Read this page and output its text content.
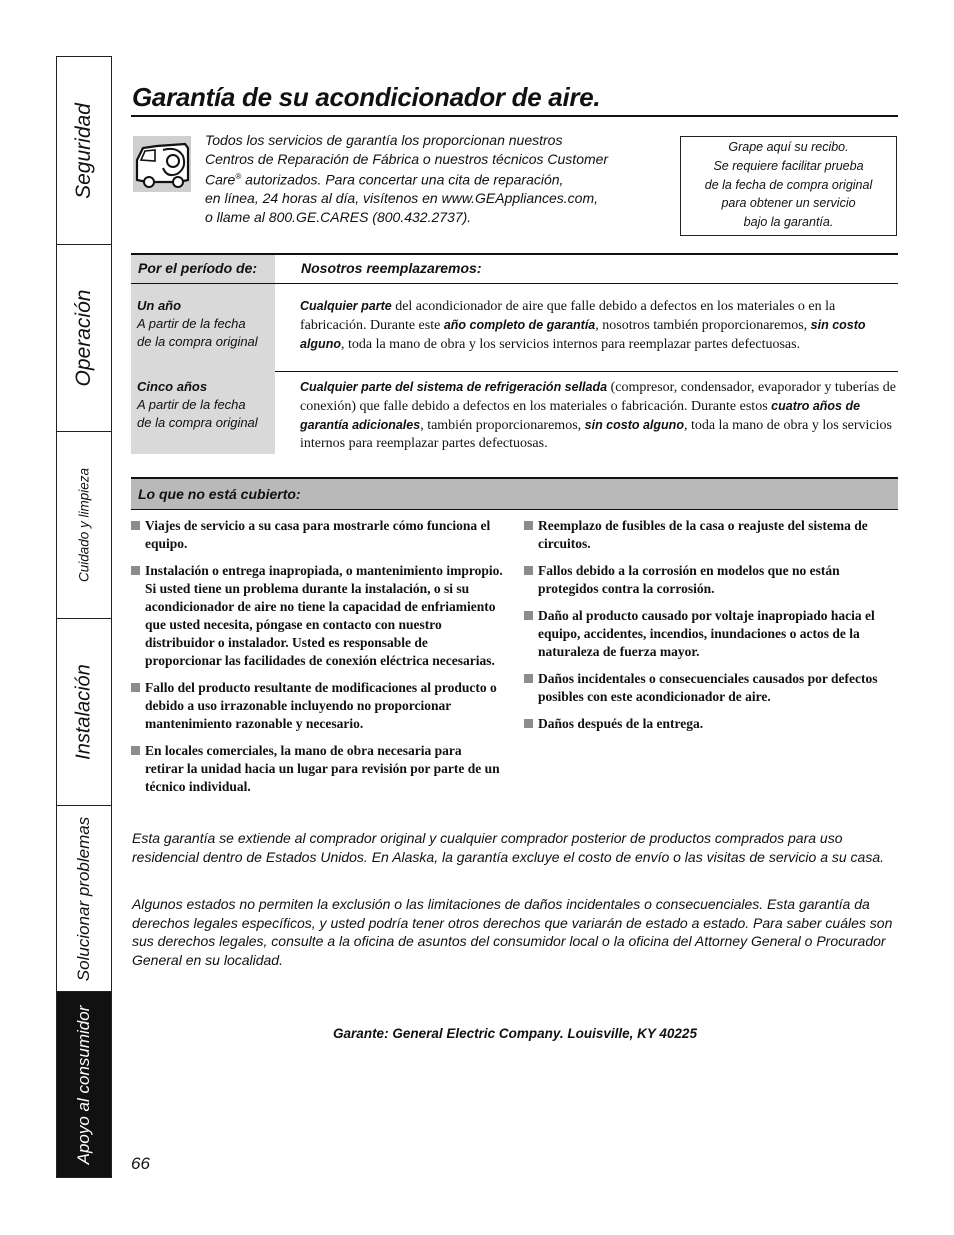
Seguridad
Operación
Cuidado y limpieza
Instalación
Solucionar problemas
Apoyo al consumidor
Garantía de su acondicionador de aire.
Todos los servicios de garantía los proporcionan nuestros
Centros de Reparación de Fábrica o nuestros técnicos Customer
Care® autorizados. Para concertar una cita de reparación,
en línea, 24 horas al día, visítenos en www.GEAppliances.com,
o llame al 800.GE.CARES (800.432.2737).
Grape aquí su recibo.
Se requiere facilitar prueba
de la fecha de compra original
para obtener un servicio
bajo la garantía.
Por el período de:	Nosotros reemplazaremos:
Un año
A partir de la fecha
de la compra original
Cualquier parte del acondicionador de aire que falle debido a defectos en los materiales o en la fabricación. Durante este año completo de garantía, nosotros también proporcionaremos, sin costo alguno, toda la mano de obra y los servicios internos para reemplazar partes defectuosas.
Cinco años
A partir de la fecha
de la compra original
Cualquier parte del sistema de refrigeración sellada (compresor, condensador, evaporador y tuberías de conexión) que falle debido a defectos en los materiales o fabricación. Durante estos cuatro años de garantía adicionales, también proporcionaremos, sin costo alguno, toda la mano de obra y los servicios internos para reemplazar partes defectuosas.
Lo que no está cubierto:
Viajes de servicio a su casa para mostrarle cómo funciona el equipo.
Instalación o entrega inapropiada, o mantenimiento impropio. Si usted tiene un problema durante la instalación, o si su acondicionador de aire no tiene la capacidad de enfriamiento que usted necesita, póngase en contacto con nuestro distribuidor o instalador. Usted es responsable de proporcionar las facilidades de conexión eléctrica necesarias.
Fallo del producto resultante de modificaciones al producto o debido a uso irrazonable incluyendo no proporcionar mantenimiento razonable y necesario.
En locales comerciales, la mano de obra necesaria para retirar la unidad hacia un lugar para revisión por parte de un técnico individual.
Reemplazo de fusibles de la casa o reajuste del sistema de circuitos.
Fallos debido a la corrosión en modelos que no están protegidos contra la corrosión.
Daño al producto causado por voltaje inapropiado hacia el equipo, accidentes, incendios, inundaciones o actos de la naturaleza de fuerza mayor.
Daños incidentales o consecuenciales causados por defectos posibles con este acondicionador de aire.
Daños después de la entrega.

Esta garantía se extiende al comprador original y cualquier comprador posterior de productos comprados para uso residencial dentro de Estados Unidos. En Alaska, la garantía excluye el costo de envío o las visitas de servicio a su casa.

Algunos estados no permiten la exclusión o las limitaciones de daños incidentales o consecuenciales. Esta garantía da derechos legales específicos, y usted podría tener otros derechos que variarán de estado a estado. Para saber cuáles son sus derechos legales, consulte a la oficina de asuntos del consumidor local o la oficina del Attorney General o Procurador General en su localidad.

Garante: General Electric Company. Louisville, KY 40225
66
